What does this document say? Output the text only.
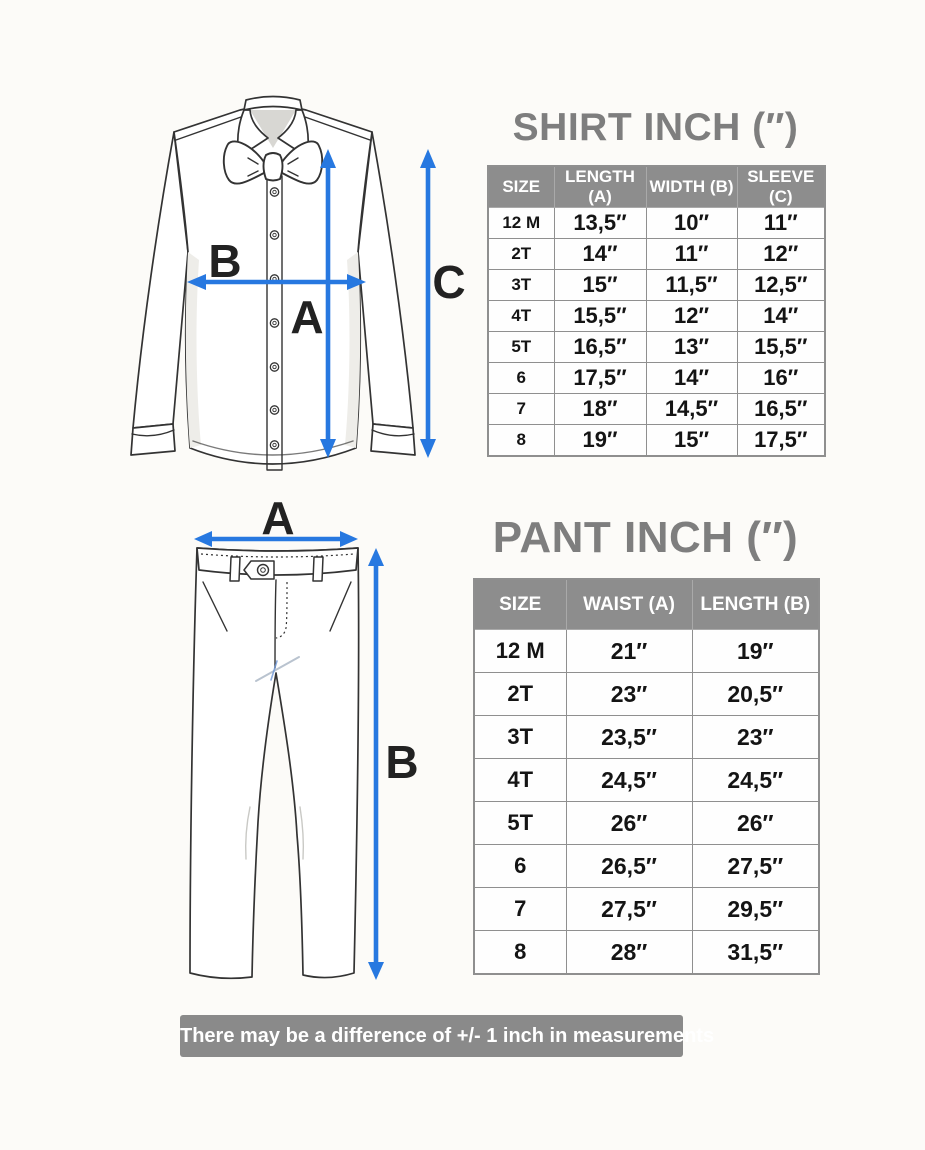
B
A
C
A
B
SHIRT INCH (″)
SIZE	LENGTH (A)	WIDTH (B)	SLEEVE (C)
12 M	13,5″	10″	11″
2T	14″	11″	12″
3T	15″	11,5″	12,5″
4T	15,5″	12″	14″
5T	16,5″	13″	15,5″
6	17,5″	14″	16″
7	18″	14,5″	16,5″
8	19″	15″	17,5″
PANT INCH (″)
SIZE	WAIST (A)	LENGTH (B)
12 M	21″	19″
2T	23″	20,5″
3T	23,5″	23″
4T	24,5″	24,5″
5T	26″	26″
6	26,5″	27,5″
7	27,5″	29,5″
8	28″	31,5″
There may be a difference of +/- 1 inch in measurements
